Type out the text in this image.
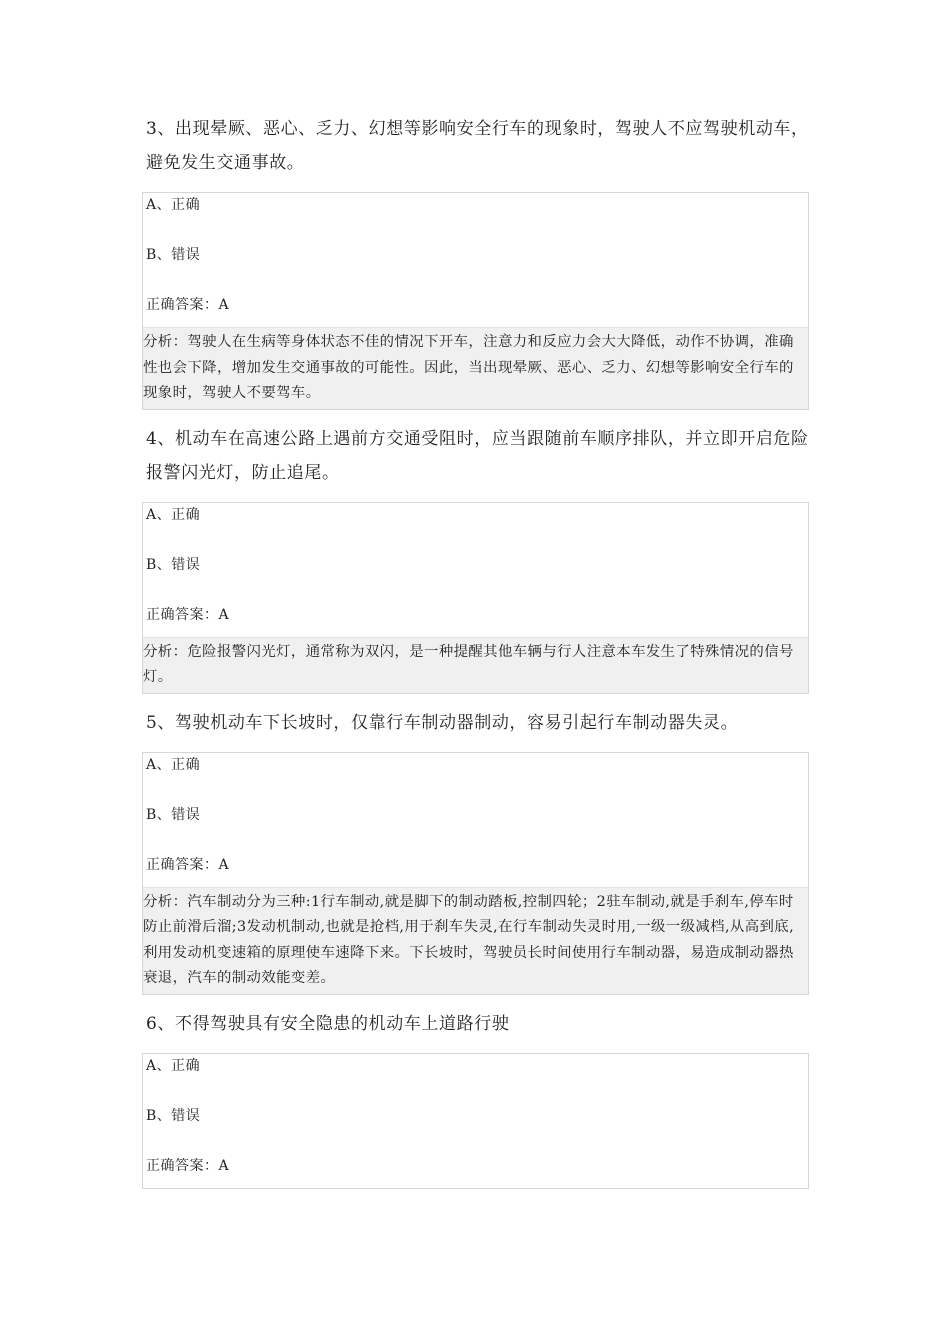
3、出现晕厥、恶心、乏力、幻想等影响安全行车的现象时，驾驶人不应驾驶机动车，避免发生交通事故。

A、正确
B、错误
正确答案：A
分析：驾驶人在生病等身体状态不佳的情况下开车，注意力和反应力会大大降低，动作不协调，准确性也会下降，增加发生交通事故的可能性。因此，当出现晕厥、恶心、乏力、幻想等影响安全行车的现象时，驾驶人不要驾车。

4、机动车在高速公路上遇前方交通受阻时，应当跟随前车顺序排队，并立即开启危险报警闪光灯，防止追尾。

A、正确
B、错误
正确答案：A
分析：危险报警闪光灯，通常称为双闪，是一种提醒其他车辆与行人注意本车发生了特殊情况的信号灯。

5、驾驶机动车下长坡时，仅靠行车制动器制动，容易引起行车制动器失灵。

A、正确
B、错误
正确答案：A
分析：汽车制动分为三种:1行车制动,就是脚下的制动踏板,控制四轮；2驻车制动,就是手刹车,停车时防止前滑后溜;3发动机制动,也就是抢档,用于刹车失灵,在行车制动失灵时用,一级一级减档,从高到底,利用发动机变速箱的原理使车速降下来。下长坡时，驾驶员长时间使用行车制动器，易造成制动器热衰退，汽车的制动效能变差。

6、不得驾驶具有安全隐患的机动车上道路行驶

A、正确
B、错误
正确答案：A
